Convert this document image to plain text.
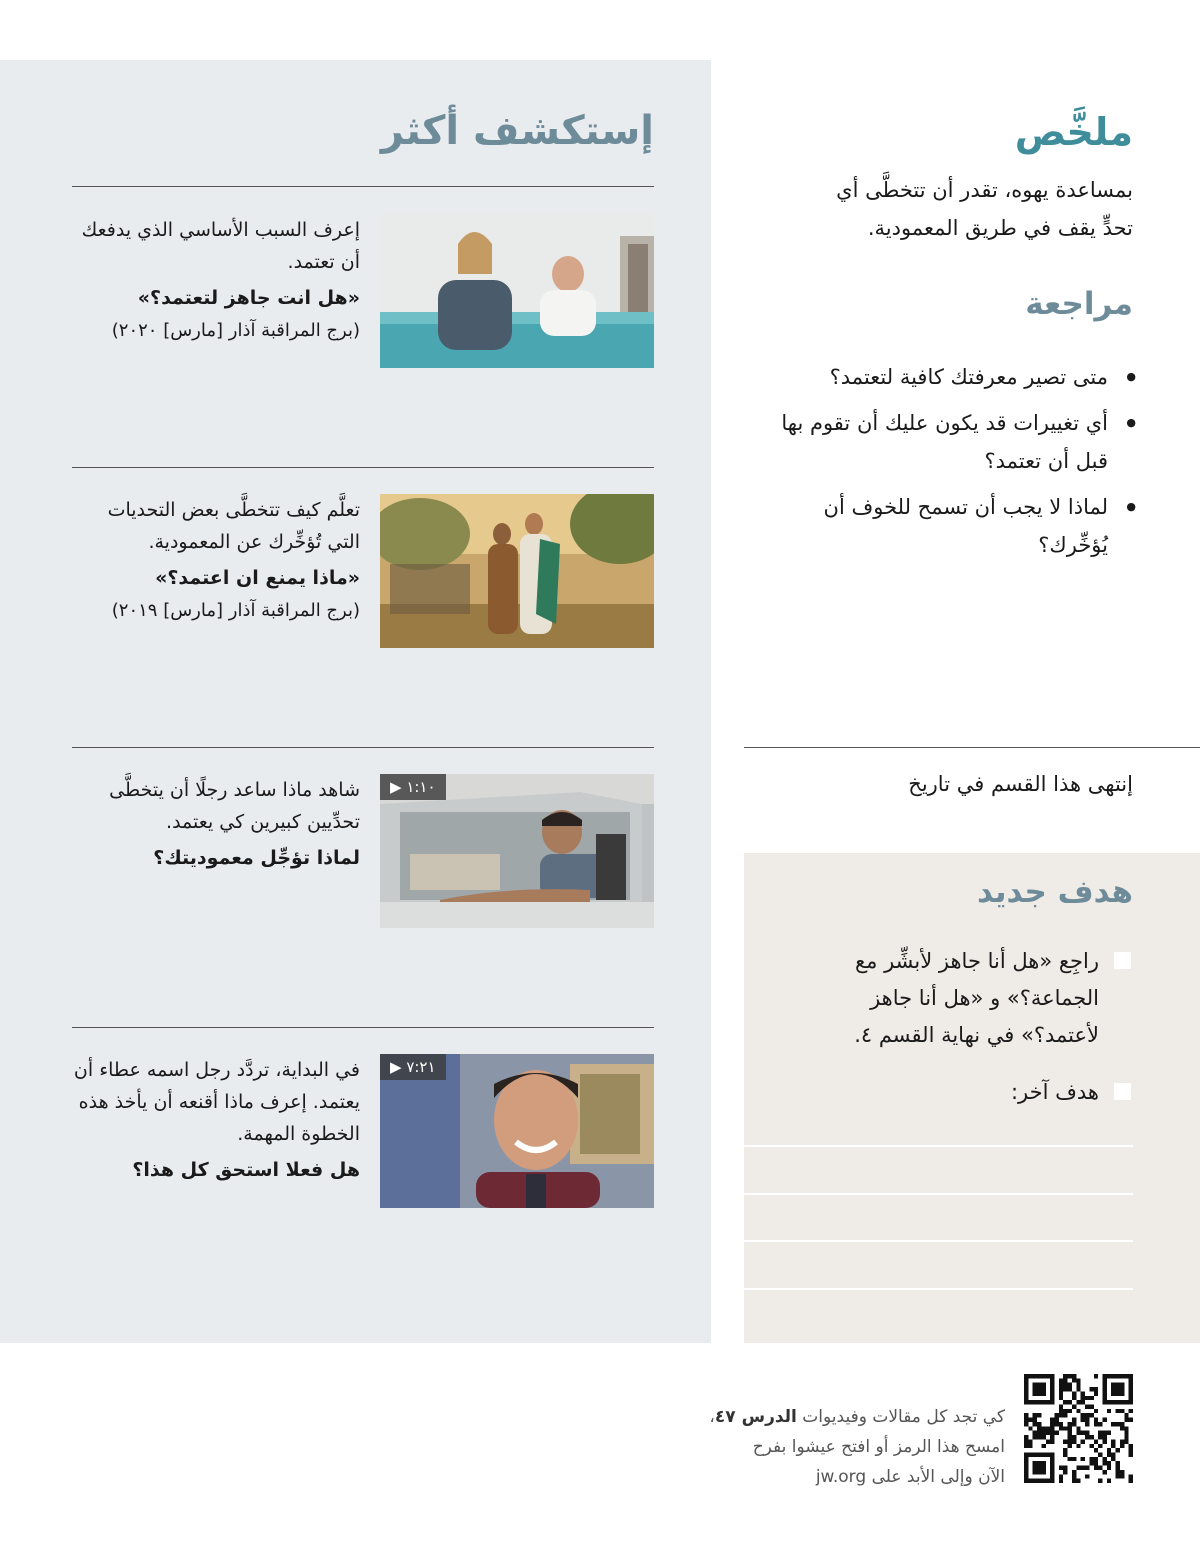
إستكشف أكثر
إعرف السبب الأساسي الذي يدفعك أن تعتمد.
«هل انت جاهز لتعتمد؟»
(برج المراقبة آذار [مارس] ٢٠٢٠)
تعلَّم كيف تتخطَّى بعض التحديات التي تُؤخِّرك عن المعمودية.
«ماذا يمنع ان اعتمد؟»
(برج المراقبة آذار [مارس] ٢٠١٩)
▶ ١:١٠
شاهد ماذا ساعد رجلًا أن يتخطَّى تحدِّيين كبيرين كي يعتمد.
لماذا تؤجِّل معموديتك؟
▶ ٧:٢١
في البداية، تردَّد رجل اسمه عطاء أن يعتمد. إعرف ماذا أقنعه أن يأخذ هذه الخطوة المهمة.
هل فعلا استحق كل هذا؟
ملخَّص
بمساعدة يهوه، تقدر أن تتخطَّى أي تحدٍّ يقف في طريق المعمودية.
مراجعة
● متى تصير معرفتك كافية لتعتمد؟
● أي تغييرات قد يكون عليك أن تقوم بها قبل أن تعتمد؟
● لماذا لا يجب أن تسمح للخوف أن يُؤخِّرك؟
إنتهى هذا القسم في تاريخ
هدف جديد
راجِع «هل أنا جاهز لأبشِّر مع الجماعة؟» و «هل أنا جاهز لأعتمد؟» في نهاية القسم ٤.
هدف آخر:
كي تجد كل مقالات وفيديوات الدرس ٤٧،
امسح هذا الرمز أو افتح عيشوا بفرح
الآن وإلى الأبد على jw.org
